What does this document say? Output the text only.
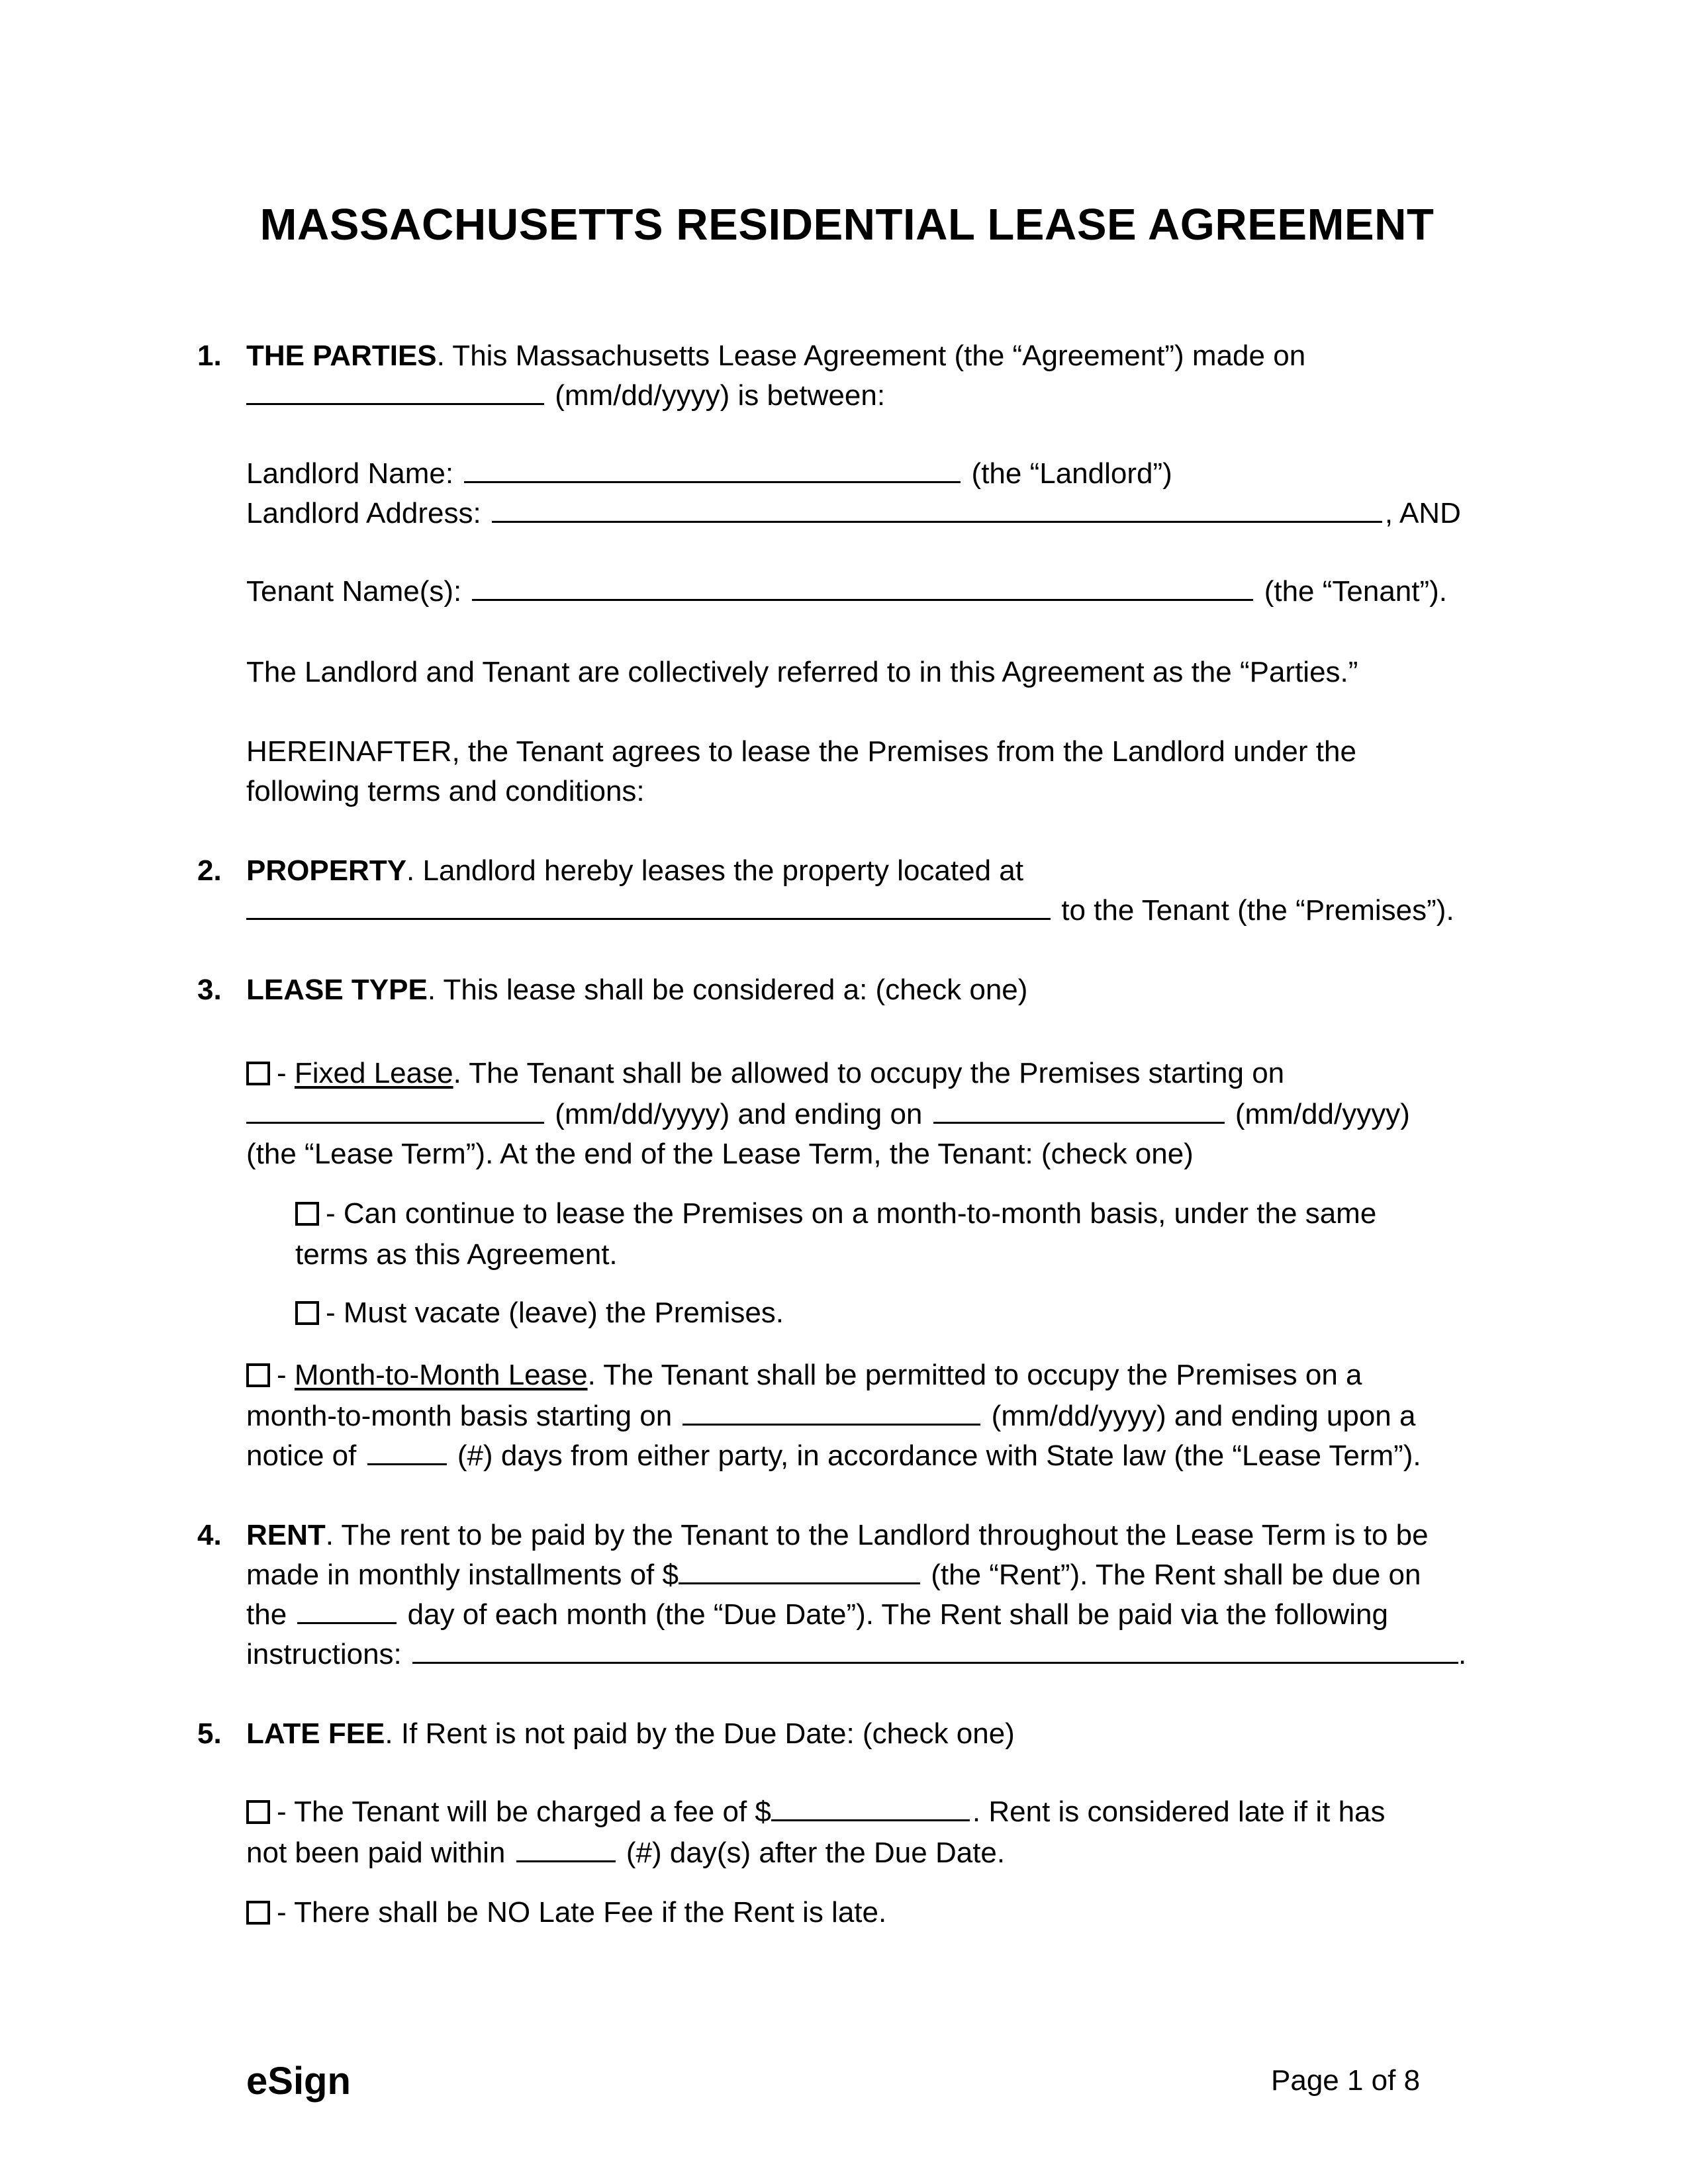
MASSACHUSETTS RESIDENTIAL LEASE AGREEMENT
1. THE PARTIES. This Massachusetts Lease Agreement (the “Agreement”) made on
(mm/dd/yyyy) is between:
Landlord Name:	(the “Landlord”)
Landlord Address:	, AND
Tenant Name(s):	(the “Tenant”).
The Landlord and Tenant are collectively referred to in this Agreement as the “Parties.”
HEREINAFTER, the Tenant agrees to lease the Premises from the Landlord under the
following terms and conditions:
2. PROPERTY. Landlord hereby leases the property located at
to the Tenant (the “Premises”).
3. LEASE TYPE. This lease shall be considered a: (check one)
- Fixed Lease. The Tenant shall be allowed to occupy the Premises starting on
(mm/dd/yyyy) and ending on	(mm/dd/yyyy)
(the “Lease Term”). At the end of the Lease Term, the Tenant: (check one)
- Can continue to lease the Premises on a month-to-month basis, under the same
terms as this Agreement.
- Must vacate (leave) the Premises.
- Month-to-Month Lease. The Tenant shall be permitted to occupy the Premises on a
month-to-month basis starting on	(mm/dd/yyyy) and ending upon a
notice of	(#) days from either party, in accordance with State law (the “Lease Term”).
4. RENT. The rent to be paid by the Tenant to the Landlord throughout the Lease Term is to be
made in monthly installments of $	(the “Rent”). The Rent shall be due on
the	day of each month (the “Due Date”). The Rent shall be paid via the following
instructions:	.
5. LATE FEE. If Rent is not paid by the Due Date: (check one)
- The Tenant will be charged a fee of $	. Rent is considered late if it has
not been paid within	(#) day(s) after the Due Date.
- There shall be NO Late Fee if the Rent is late.
eSign	Page 1 of 8
